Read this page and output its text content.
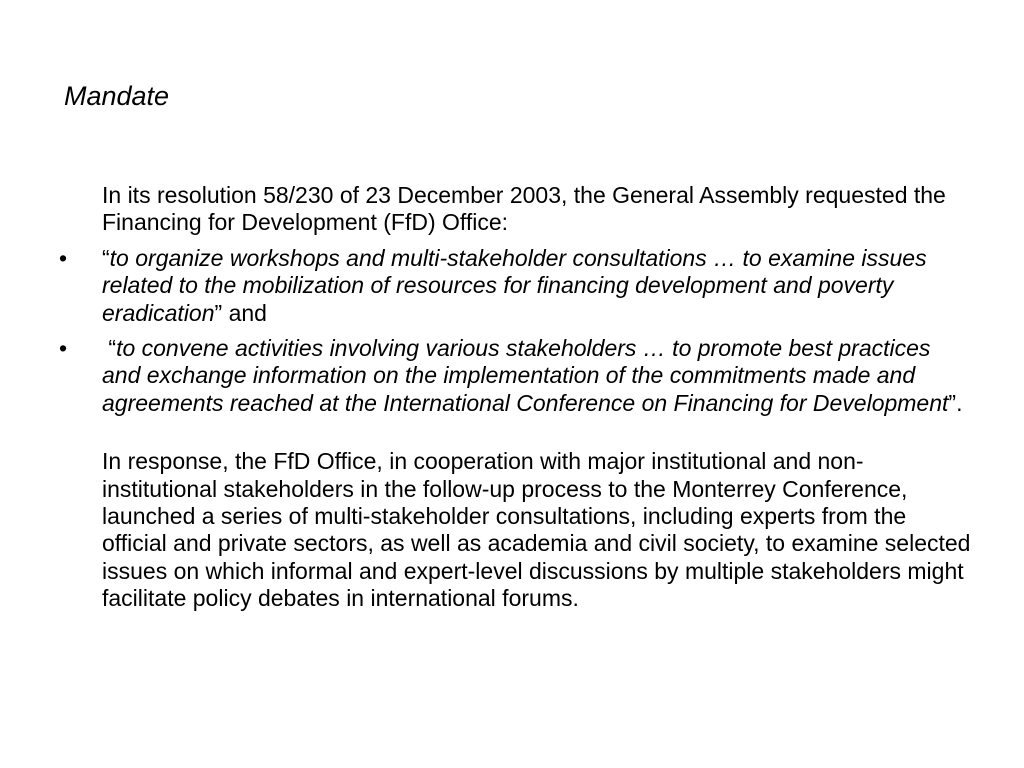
Mandate

In its resolution 58/230 of 23 December 2003, the General Assembly requested the Financing for Development (FfD) Office:

• “to organize workshops and multi-stakeholder consultations … to examine issues related to the mobilization of resources for financing development and poverty eradication” and
• “to convene activities involving various stakeholders … to promote best practices and exchange information on the implementation of the commitments made and agreements reached at the International Conference on Financing for Development”.

In response, the FfD Office, in cooperation with major institutional and non-institutional stakeholders in the follow-up process to the Monterrey Conference, launched a series of multi-stakeholder consultations, including experts from the official and private sectors, as well as academia and civil society, to examine selected issues on which informal and expert-level discussions by multiple stakeholders might facilitate policy debates in international forums.
